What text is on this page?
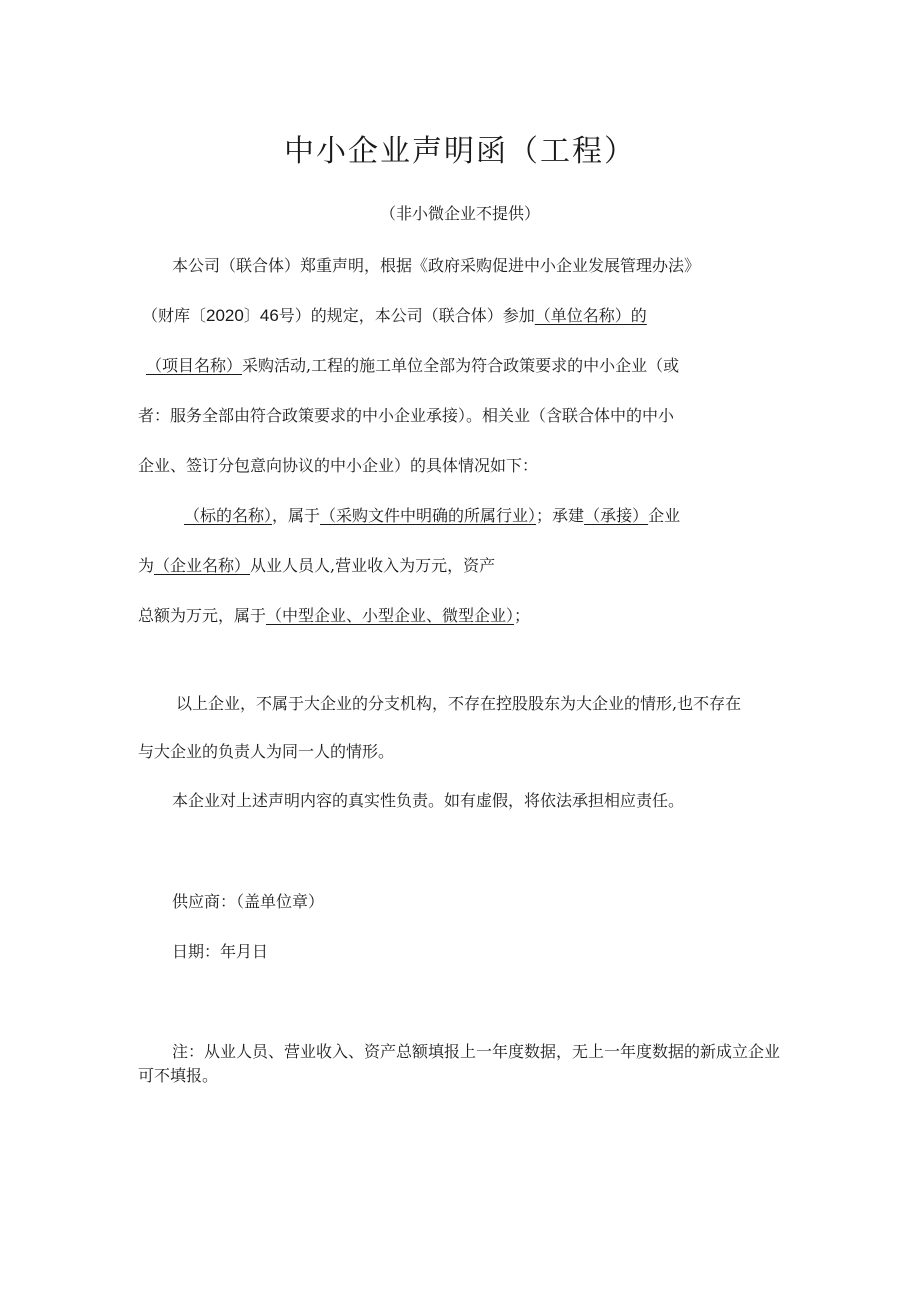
中小企业声明函（工程）
（非小微企业不提供）
本公司（联合体）郑重声明，根据《政府采购促进中小企业发展管理办法》
（财库〔2020〕46号）的规定，本公司（联合体）参加（单位名称）的
（项目名称）采购活动,工程的施工单位全部为符合政策要求的中小企业（或
者：服务全部由符合政策要求的中小企业承接）。相关业（含联合体中的中小
企业、签订分包意向协议的中小企业）的具体情况如下：
（标的名称），属于（采购文件中明确的所属行业）；承建（承接）企业
为（企业名称）从业人员人,营业收入为万元，资产
总额为万元，属于（中型企业、小型企业、微型企业）；
以上企业，不属于大企业的分支机构，不存在控股股东为大企业的情形,也不存在
与大企业的负责人为同一人的情形。
本企业对上述声明内容的真实性负责。如有虚假，将依法承担相应责任。
供应商：（盖单位章）
日期：年月日
注：从业人员、营业收入、资产总额填报上一年度数据，无上一年度数据的新成立企业可不填报。
